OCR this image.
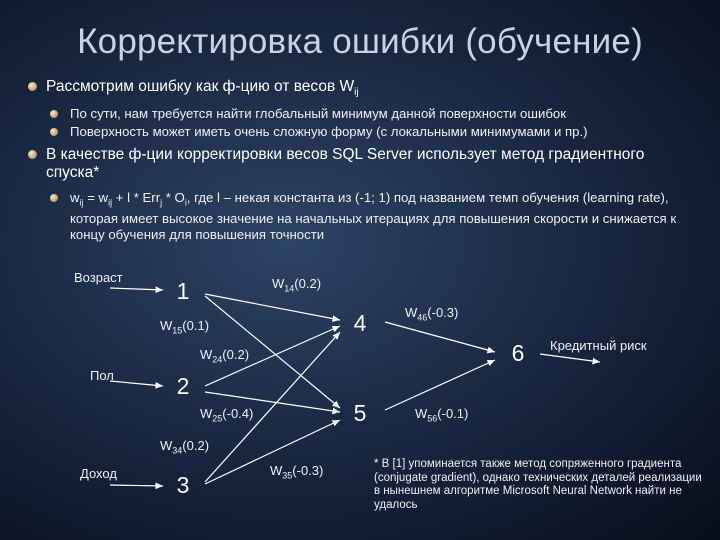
Корректировка ошибки (обучение)
Рассмотрим ошибку как ф-цию от весов $W_{ij}$
По сути, нам требуется найти глобальный минимум данной поверхности ошибок
Поверхность может иметь очень сложную форму (с локальными минимумами и пр.)
В качестве ф-ции корректировки весов SQL Server использует метод градиентного спуска*
$w_{ij} = w_{ij} + l * Err_j * O_i$, где l – некая константа из (-1; 1) под названием темп обучения (learning rate), которая имеет высокое значение на начальных итерациях для повышения скорости и снижается к концу обучения для повышения точности
Возраст
Пол
Доход
Кредитный риск
1
2
3
4
5
6
$W_{14}(0.2)$
$W_{15}(0.1)$
$W_{24}(0.2)$
$W_{25}(-0.4)$
$W_{34}(0.2)$
$W_{35}(-0.3)$
$W_{46}(-0.3)$
$W_{56}(-0.1)$
* В [1] упоминается также метод сопряженного градиента (conjugate gradient), однако технических деталей реализации в нынешнем алгоритме Microsoft Neural Network найти не удалось
